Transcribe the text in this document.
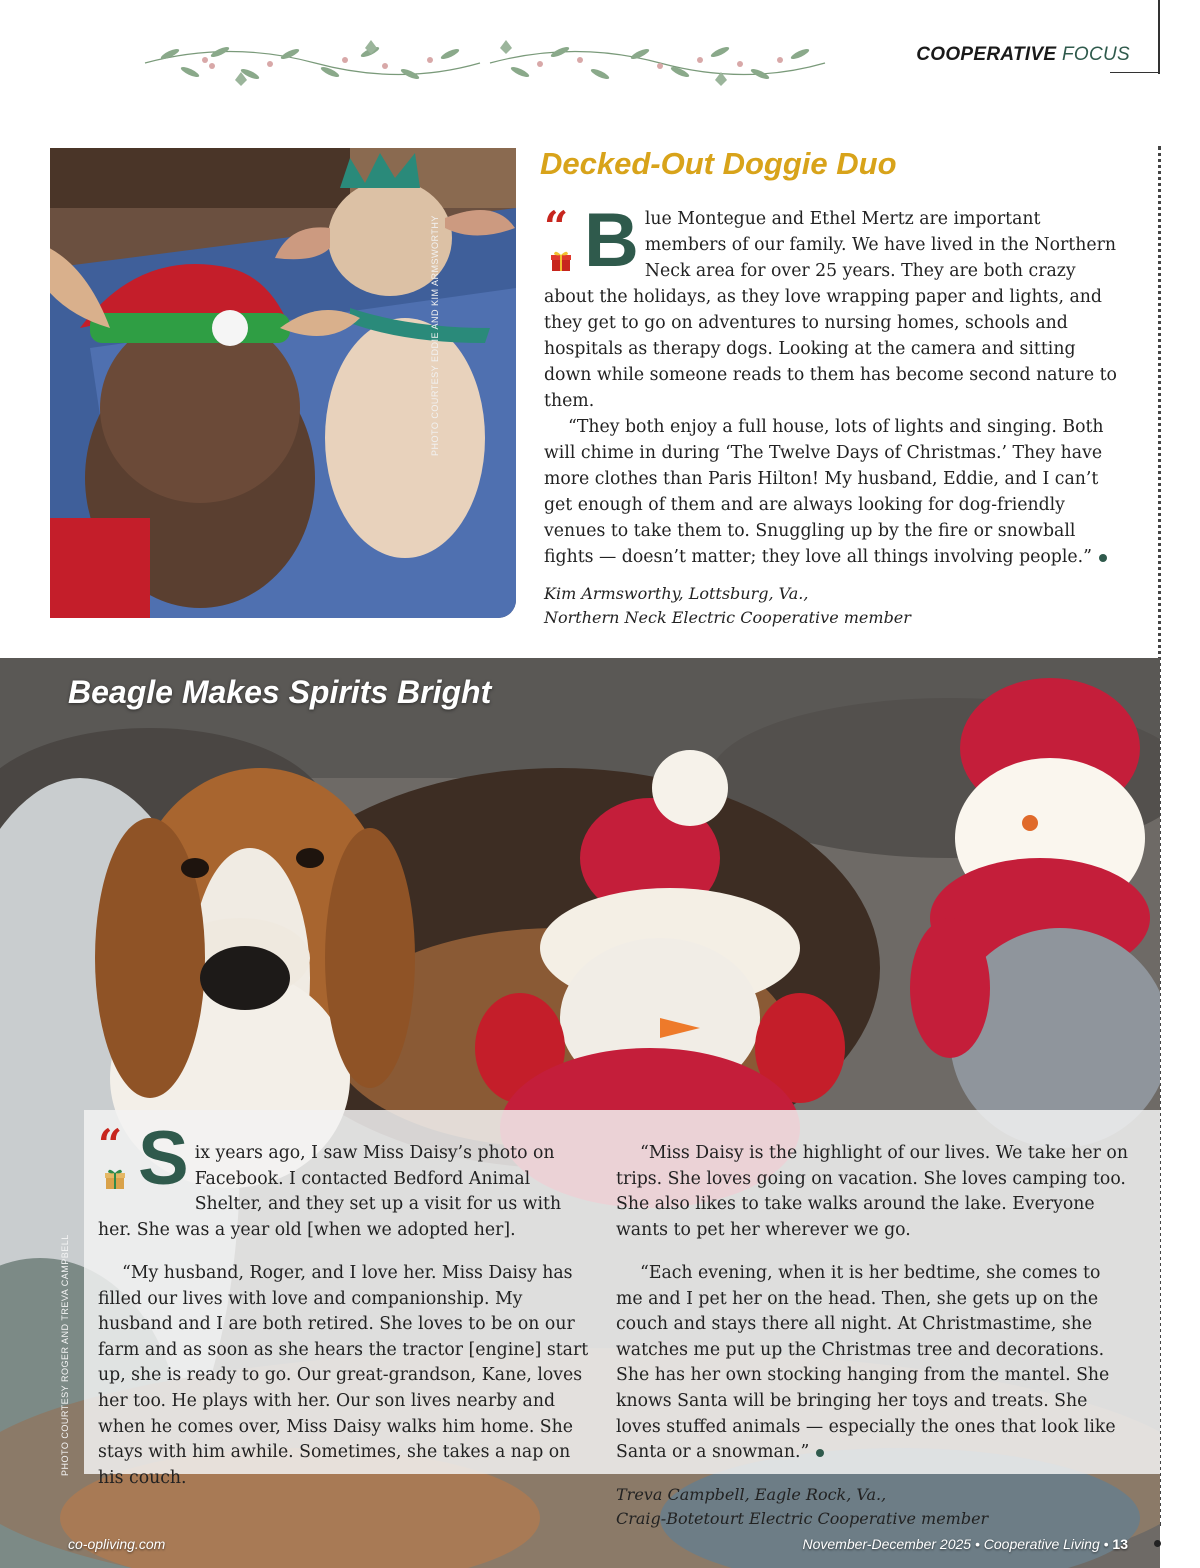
COOPERATIVE FOCUS
PHOTO COURTESY EDDIE AND KIM ARMSWORTHY
Decked-Out Doggie Duo
“ B lue Montegue and Ethel Mertz are important members of our family. We have lived in the Northern Neck area for over 25 years. They are both crazy about the holidays, as they love wrapping paper and lights, and they get to go on adventures to nursing homes, schools and hospitals as therapy dogs. Looking at the camera and sitting down while someone reads to them has become second nature to them.

“They both enjoy a full house, lots of lights and singing. Both will chime in during ‘The Twelve Days of Christmas.’ They have more clothes than Paris Hilton! My husband, Eddie, and I can’t get enough of them and are always looking for dog-friendly venues to take them to. Snuggling up by the fire or snowball fights — doesn’t matter; they love all things involving people.”

Kim Armsworthy, Lottsburg, Va.,
Northern Neck Electric Cooperative member
Beagle Makes Spirits Bright
PHOTO COURTESY ROGER AND TREVA CAMPBELL
“ S ix years ago, I saw Miss Daisy’s photo on Facebook. I contacted Bedford Animal Shelter, and they set up a visit for us with her. She was a year old [when we adopted her].

“My husband, Roger, and I love her. Miss Daisy has filled our lives with love and companionship. My husband and I are both retired. She loves to be on our farm and as soon as she hears the tractor [engine] start up, she is ready to go. Our great-grandson, Kane, loves her too. He plays with her. Our son lives nearby and when he comes over, Miss Daisy walks him home. She stays with him awhile. Sometimes, she takes a nap on his couch.

“Miss Daisy is the highlight of our lives. We take her on trips. She loves going on vacation. She loves camping too. She also likes to take walks around the lake. Everyone wants to pet her wherever we go.

“Each evening, when it is her bedtime, she comes to me and I pet her on the head. Then, she gets up on the couch and stays there all night. At Christmastime, she watches me put up the Christmas tree and decorations. She has her own stocking hanging from the mantel. She knows Santa will be bringing her toys and treats. She loves stuffed animals — especially the ones that look like Santa or a snowman.”

Treva Campbell, Eagle Rock, Va.,
Craig-Botetourt Electric Cooperative member
co-opliving.com	November-December 2025 • Cooperative Living • 13
